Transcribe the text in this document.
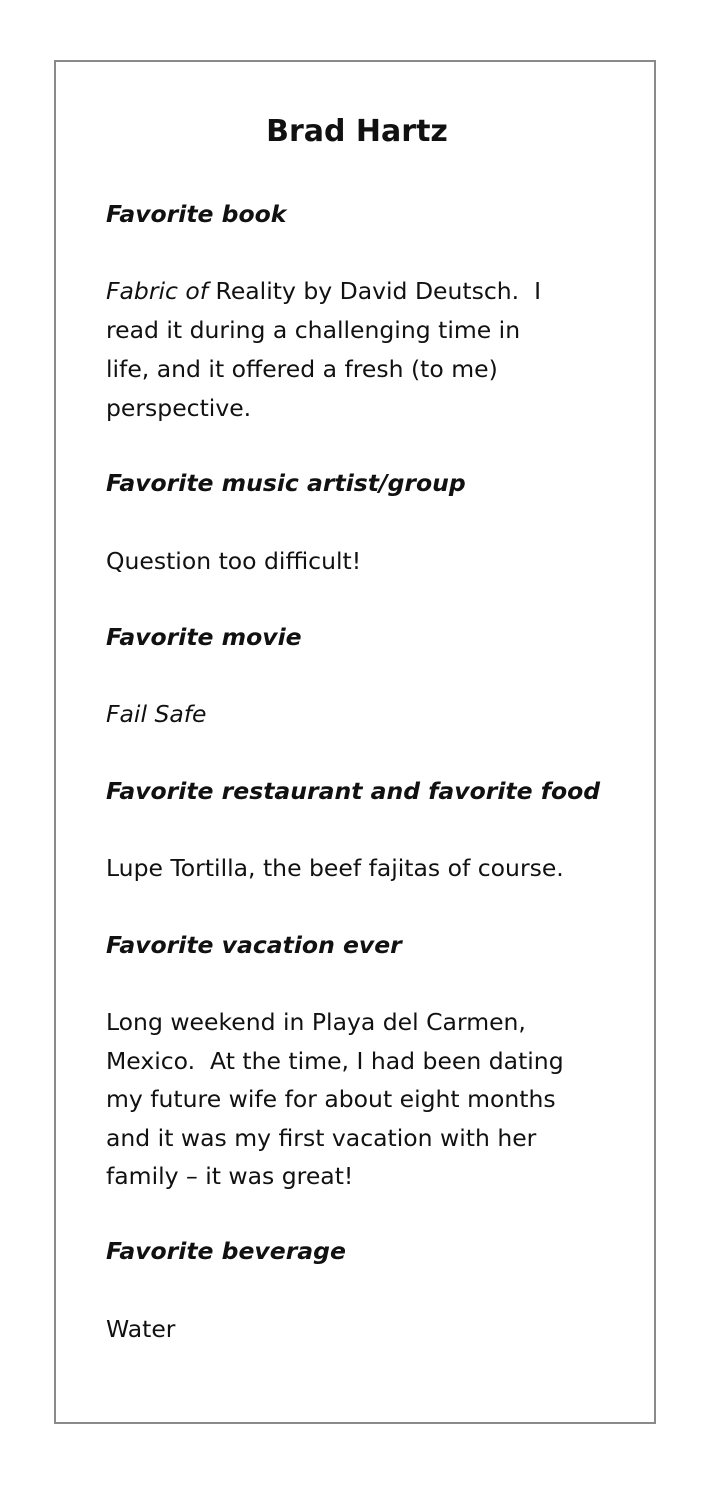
Brad Hartz

Favorite book

Fabric of Reality by David Deutsch.  I

read it during a challenging time in

life, and it offered a fresh (to me)

perspective.

Favorite music artist/group

Question too difficult!

Favorite movie

Fail Safe

Favorite restaurant and favorite food

Lupe Tortilla, the beef fajitas of course.

Favorite vacation ever

Long weekend in Playa del Carmen,

Mexico.  At the time, I had been dating

my future wife for about eight months

and it was my first vacation with her

family – it was great!

Favorite beverage

Water
